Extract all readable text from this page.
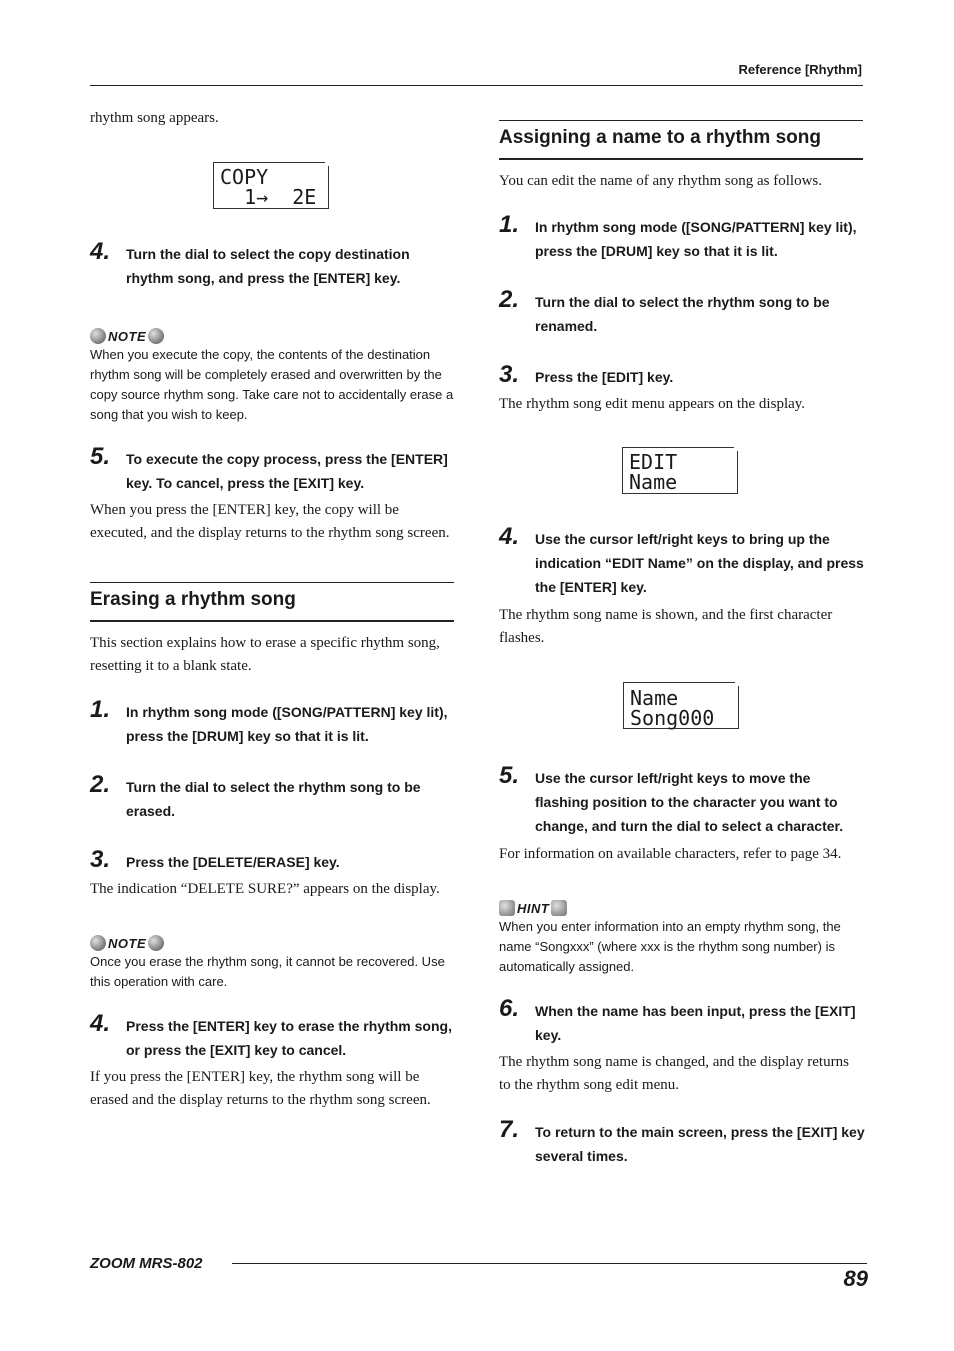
Reference [Rhythm]

rhythm song appears.

COPY
1→  2E
4. Turn the dial to select the copy destination rhythm song, and press the [ENTER] key.
NOTE

When you execute the copy, the contents of the destination rhythm song will be completely erased and overwritten by the copy source rhythm song. Take care not to accidentally erase a song that you wish to keep.

5. To execute the copy process, press the [ENTER] key. To cancel, press the [EXIT] key.

When you press the [ENTER] key, the copy will be executed, and the display returns to the rhythm song screen.

Erasing a rhythm song

This section explains how to erase a specific rhythm song, resetting it to a blank state.

1. In rhythm song mode ([SONG/PATTERN] key lit), press the [DRUM] key so that it is lit.
2. Turn the dial to select the rhythm song to be erased.
3. Press the [DELETE/ERASE] key.

The indication “DELETE SURE?” appears on the display.

NOTE

Once you erase the rhythm song, it cannot be recovered. Use this operation with care.

4. Press the [ENTER] key to erase the rhythm song, or press the [EXIT] key to cancel.

If you press the [ENTER] key, the rhythm song will be erased and the display returns to the rhythm song screen.

Assigning a name to a rhythm song

You can edit the name of any rhythm song as follows.

1. In rhythm song mode ([SONG/PATTERN] key lit), press the [DRUM] key so that it is lit.
2. Turn the dial to select the rhythm song to be renamed.
3. Press the [EDIT] key.

The rhythm song edit menu appears on the display.

EDIT
Name
4. Use the cursor left/right keys to bring up the indication “EDIT Name” on the display, and press the [ENTER] key.

The rhythm song name is shown, and the first character flashes.

Name
Song000
5. Use the cursor left/right keys to move the flashing position to the character you want to change, and turn the dial to select a character.

For information on available characters, refer to page 34.

HINT

When you enter information into an empty rhythm song, the name “Songxxx” (where xxx is the rhythm song number) is automatically assigned.

6. When the name has been input, press the [EXIT] key.

The rhythm song name is changed, and the display returns to the rhythm song edit menu.

7. To return to the main screen, press the [EXIT] key several times.
ZOOM MRS-802
89
